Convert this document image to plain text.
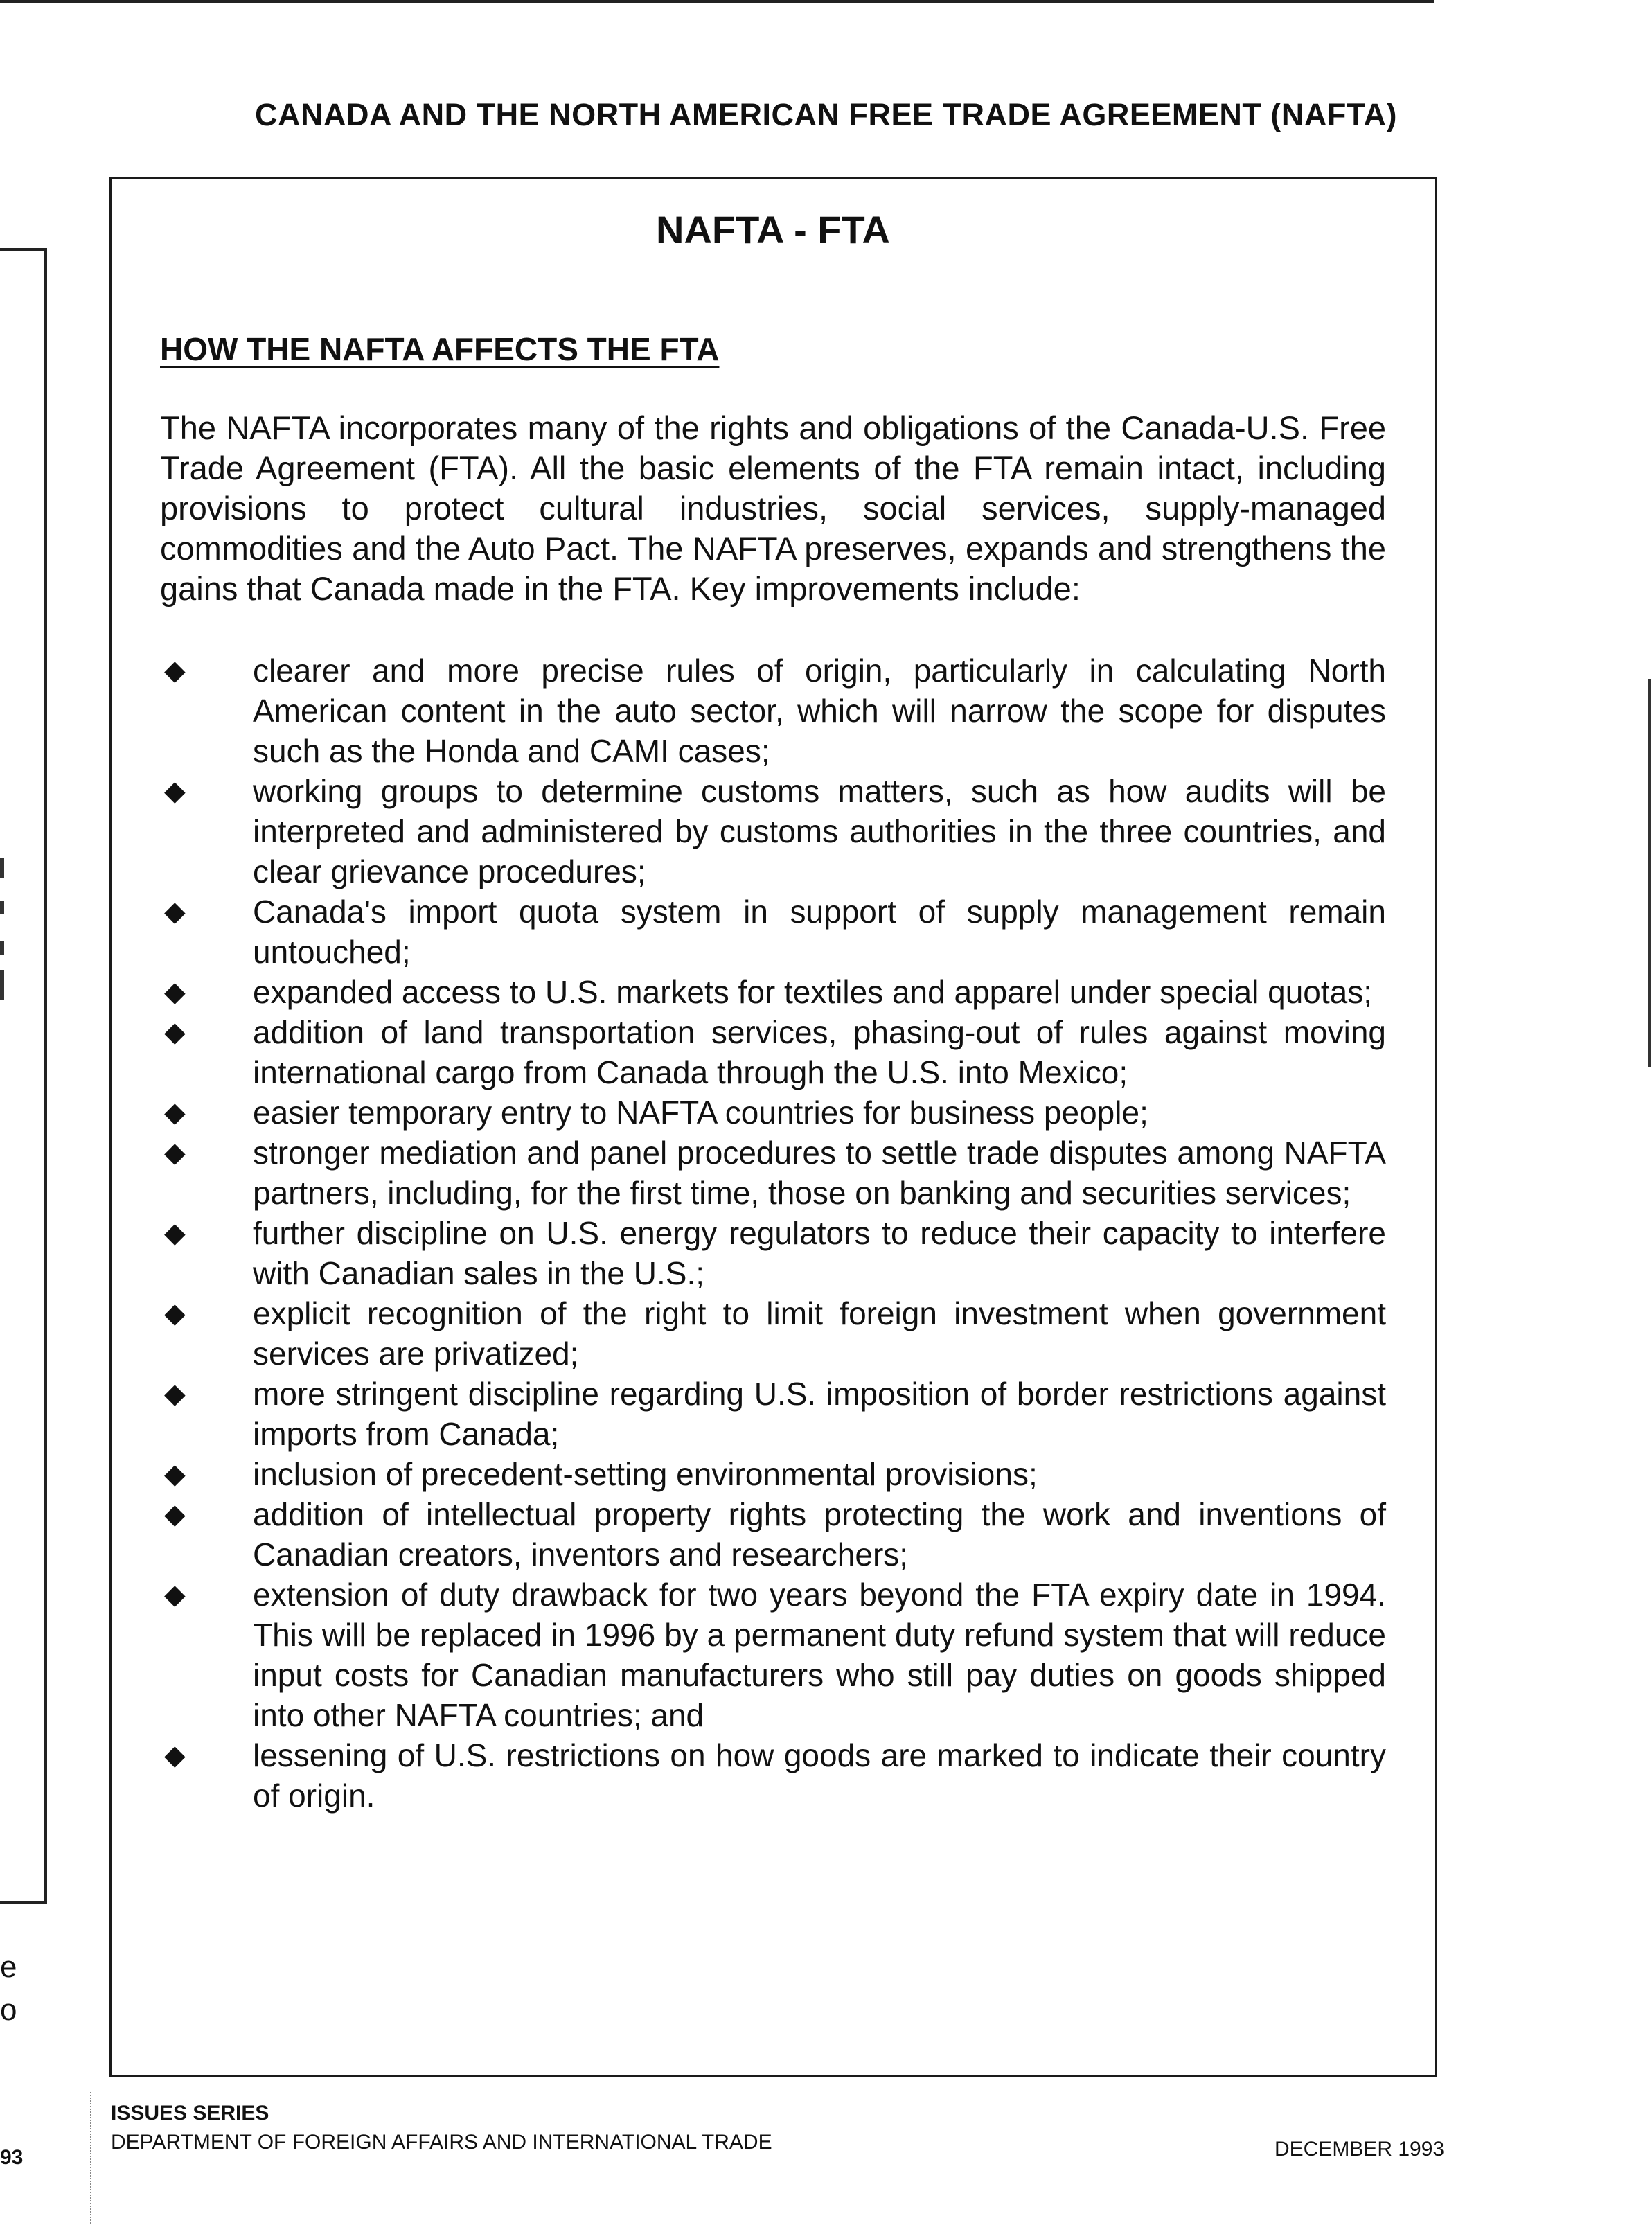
e
o
93
CANADA AND THE NORTH AMERICAN FREE TRADE AGREEMENT (NAFTA)
NAFTA - FTA
HOW THE NAFTA AFFECTS THE FTA

The NAFTA incorporates many of the rights and obligations of the Canada-U.S. Free Trade Agreement (FTA). All the basic elements of the FTA remain intact, including provisions to protect cultural industries, social services, supply-managed commodities and the Auto Pact. The NAFTA preserves, expands and strengthens the gains that Canada made in the FTA. Key improvements include:

◆	clearer and more precise rules of origin, particularly in calculating North American content in the auto sector, which will narrow the scope for disputes such as the Honda and CAMI cases;
◆	working groups to determine customs matters, such as how audits will be interpreted and administered by customs authorities in the three countries, and clear grievance procedures;
◆	Canada's import quota system in support of supply management remain untouched;
◆	expanded access to U.S. markets for textiles and apparel under special quotas;
◆	addition of land transportation services, phasing-out of rules against moving international cargo from Canada through the U.S. into Mexico;
◆	easier temporary entry to NAFTA countries for business people;
◆	stronger mediation and panel procedures to settle trade disputes among NAFTA partners, including, for the first time, those on banking and securities services;
◆	further discipline on U.S. energy regulators to reduce their capacity to interfere with Canadian sales in the U.S.;
◆	explicit recognition of the right to limit foreign investment when government services are privatized;
◆	more stringent discipline regarding U.S. imposition of border restrictions against imports from Canada;
◆	inclusion of precedent-setting environmental provisions;
◆	addition of intellectual property rights protecting the work and inventions of Canadian creators, inventors and researchers;
◆	extension of duty drawback for two years beyond the FTA expiry date in 1994. This will be replaced in 1996 by a permanent duty refund system that will reduce input costs for Canadian manufacturers who still pay duties on goods shipped into other NAFTA countries; and
◆	lessening of U.S. restrictions on how goods are marked to indicate their country of origin.
ISSUES SERIES
DEPARTMENT OF FOREIGN AFFAIRS AND INTERNATIONAL TRADE	DECEMBER 1993
